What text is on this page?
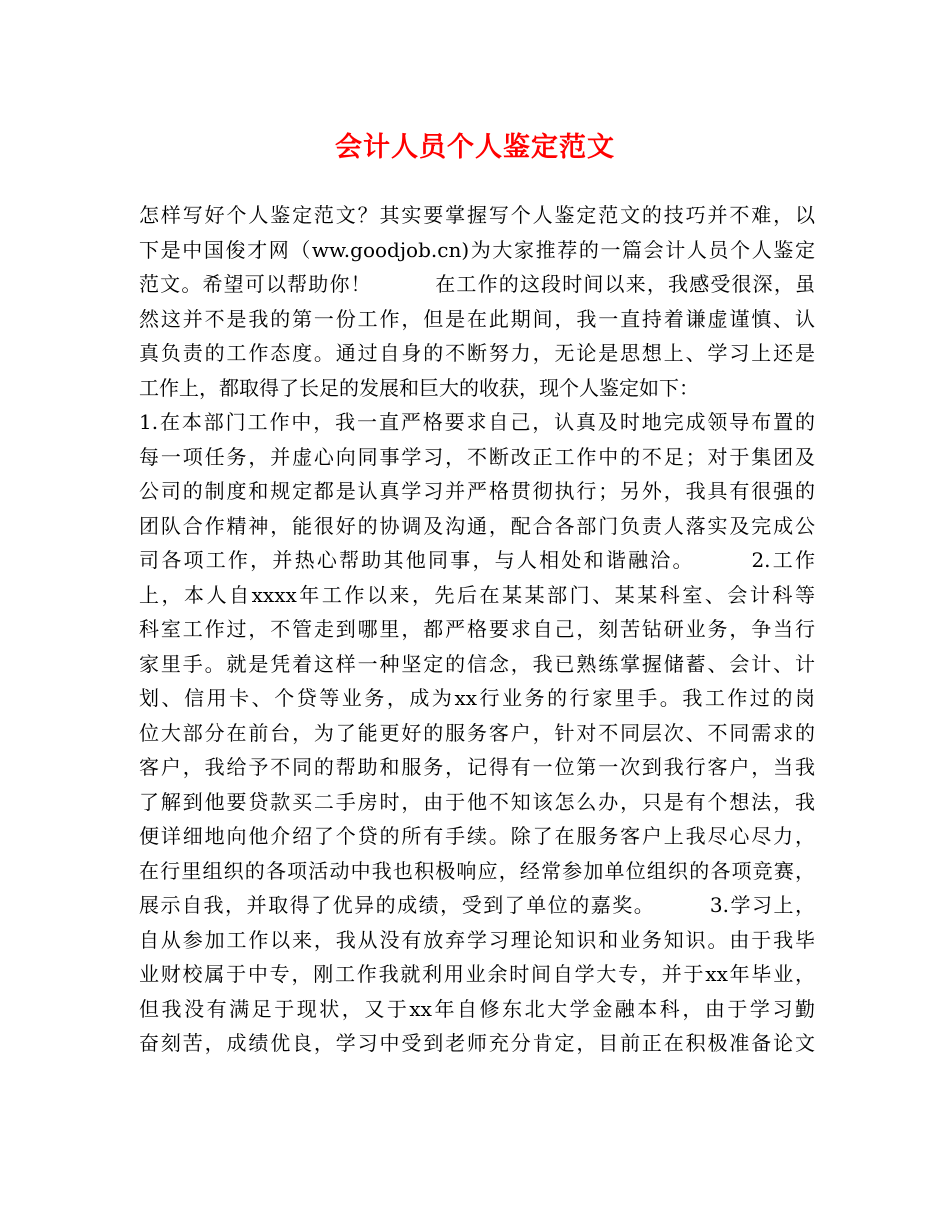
会计人员个人鉴定范文
怎样写好个人鉴定范文？其实要掌握写个人鉴定范文的技巧并不难，以
下是中国俊才网（ww.goodjob.cn)为大家推荐的一篇会计人员个人鉴定
范文。希望可以帮助你！　　　在工作的这段时间以来，我感受很深，虽
然这并不是我的第一份工作，但是在此期间，我一直持着谦虚谨慎、认
真负责的工作态度。通过自身的不断努力，无论是思想上、学习上还是
工作上，都取得了长足的发展和巨大的收获，现个人鉴定如下：
1.在本部门工作中，我一直严格要求自己，认真及时地完成领导布置的
每一项任务，并虚心向同事学习，不断改正工作中的不足；对于集团及
公司的制度和规定都是认真学习并严格贯彻执行；另外，我具有很强的
团队合作精神，能很好的协调及沟通，配合各部门负责人落实及完成公
司各项工作，并热心帮助其他同事，与人相处和谐融洽。　　　2.工作
上，本人自xxxx年工作以来，先后在某某部门、某某科室、会计科等
科室工作过，不管走到哪里，都严格要求自己，刻苦钻研业务，争当行
家里手。就是凭着这样一种坚定的信念，我已熟练掌握储蓄、会计、计
划、信用卡、个贷等业务，成为xx行业务的行家里手。我工作过的岗
位大部分在前台，为了能更好的服务客户，针对不同层次、不同需求的
客户，我给予不同的帮助和服务，记得有一位第一次到我行客户，当我
了解到他要贷款买二手房时，由于他不知该怎么办，只是有个想法，我
便详细地向他介绍了个贷的所有手续。除了在服务客户上我尽心尽力，
在行里组织的各项活动中我也积极响应，经常参加单位组织的各项竞赛，
展示自我，并取得了优异的成绩，受到了单位的嘉奖。　　　3.学习上，
自从参加工作以来，我从没有放弃学习理论知识和业务知识。由于我毕
业财校属于中专，刚工作我就利用业余时间自学大专，并于xx年毕业，
但我没有满足于现状，又于xx年自修东北大学金融本科，由于学习勤
奋刻苦，成绩优良，学习中受到老师充分肯定，目前正在积极准备论文
